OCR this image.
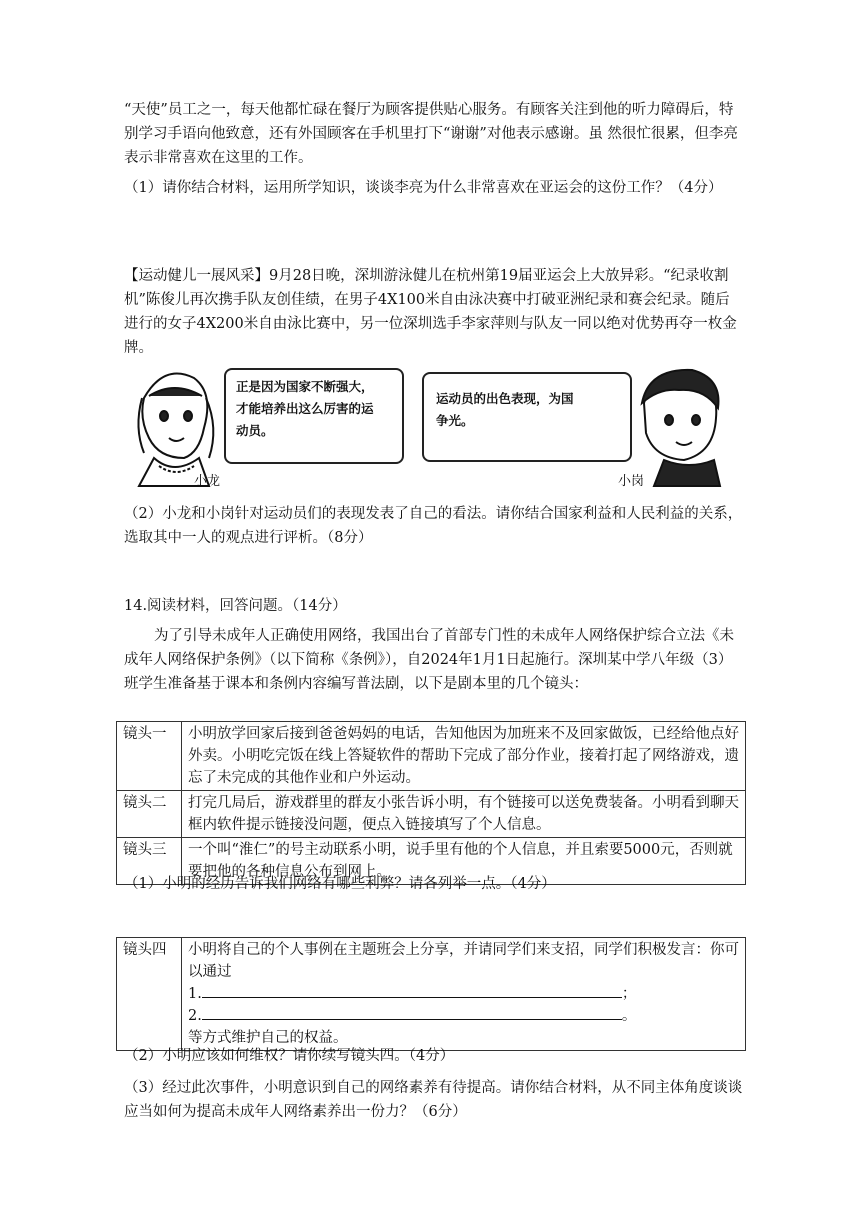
“天使”员工之一，每天他都忙碌在餐厅为顾客提供贴心服务。有顾客关注到他的听力障碍后，特别学习手语向他致意，还有外国顾客在手机里打下“谢谢”对他表示感谢。虽 然很忙很累，但李亮表示非常喜欢在这里的工作。

（1）请你结合材料，运用所学知识，谈谈李亮为什么非常喜欢在亚运会的这份工作？（4分）

【运动健儿一展风采】9月28日晚，深圳游泳健儿在杭州第19届亚运会上大放异彩。“纪录收割机”陈俊儿再次携手队友创佳绩，在男子4X100米自由泳决赛中打破亚洲纪录和赛会纪录。随后进行的女子4X200米自由泳比赛中，另一位深圳选手李家萍则与队友一同以绝对优势再夺一枚金牌。

正是因为国家不断强大，
才能培养出这么厉害的运
动员。
运动员的出色表现，为国
争光。
小龙	小岗

（2）小龙和小岗针对运动员们的表现发表了自己的看法。请你结合国家利益和人民利益的关系，选取其中一人的观点进行评析。（8分）

14.阅读材料，回答问题。（14分）

为了引导未成年人正确使用网络，我国出台了首部专门性的未成年人网络保护综合立法《未成年人网络保护条例》（以下简称《条例》），自2024年1月1日起施行。深圳某中学八年级（3）班学生准备基于课本和条例内容编写普法剧，以下是剧本里的几个镜头：

镜头一	小明放学回家后接到爸爸妈妈的电话，告知他因为加班来不及回家做饭，已经给他点好外卖。小明吃完饭在线上答疑软件的帮助下完成了部分作业，接着打起了网络游戏，遗忘了未完成的其他作业和户外运动。
镜头二	打完几局后，游戏群里的群友小张告诉小明，有个链接可以送免费装备。小明看到聊天框内软件提示链接没问题，便点入链接填写了个人信息。
镜头三	一个叫“淮仁”的号主动联系小明，说手里有他的个人信息，并且索要5000元，否则就要把他的各种信息公布到网上。

（1）小明的经历告诉我们网络有哪些利弊？请各列举一点。（4分）

镜头四	小明将自己的个人事例在主题班会上分享，并请同学们来支招，同学们积极发言：你可以通过
1.	；
2.	。
等方式维护自己的权益。

（2）小明应该如何维权？请你续写镜头四。（4分）

（3）经过此次事件，小明意识到自己的网络素养有待提高。请你结合材料，从不同主体角度谈谈应当如何为提高未成年人网络素养出一份力？（6分）
